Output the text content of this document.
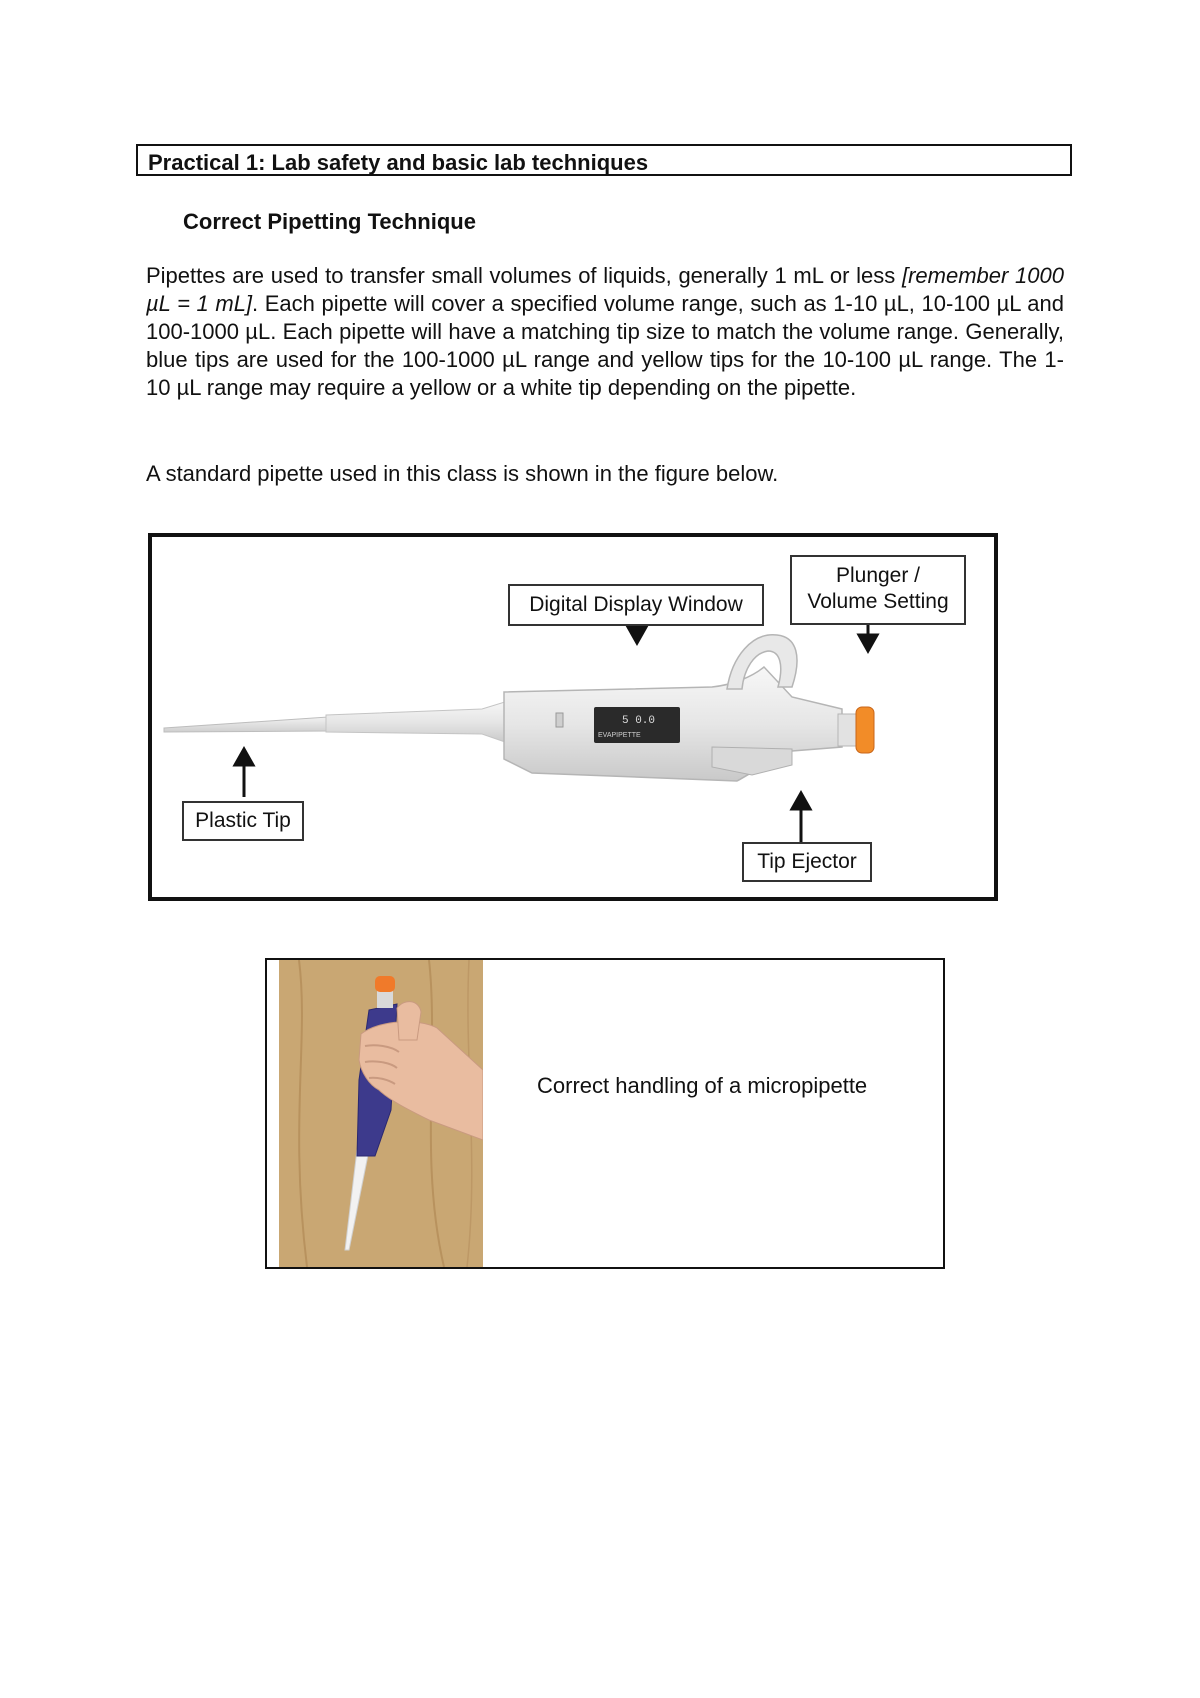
Practical 1: Lab safety and basic lab techniques
Correct Pipetting Technique

Pipettes are used to transfer small volumes of liquids, generally 1 mL or less [remember 1000 µL = 1 mL]. Each pipette will cover a specified volume range, such as 1-10 µL, 10-100 µL and 100-1000 µL. Each pipette will have a matching tip size to match the volume range. Generally, blue tips are used for the 100-1000 µL range and yellow tips for the 10-100 µL range. The 1-10 µL range may require a yellow or a white tip depending on the pipette.

A standard pipette used in this class is shown in the figure below.
5 0.0
EVAPIPETTE
Digital Display Window
Plunger /
Volume Setting
Plastic Tip
Tip Ejector
Correct handling of a micropipette
